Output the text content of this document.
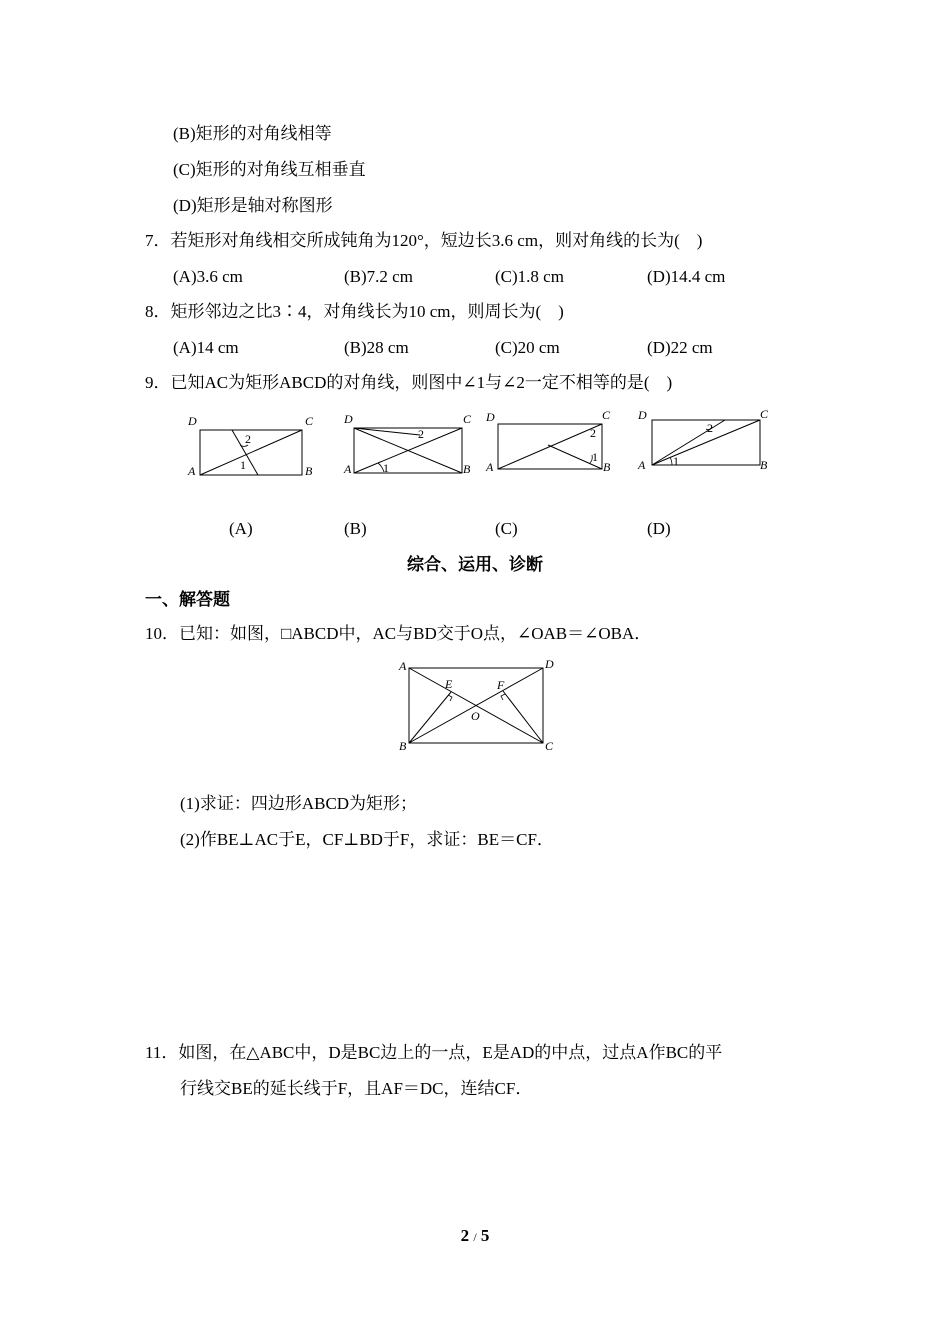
(B)矩形的对角线相等
(C)矩形的对角线互相垂直
(D)矩形是轴对称图形
7．若矩形对角线相交所成钝角为120°，短边长3.6 cm，则对角线的长为(　)
(A)3.6 cm	(B)7.2 cm	(C)1.8 cm	(D)14.4 cm
8．矩形邻边之比3∶4，对角线长为10 cm，则周长为(　)
(A)14 cm	(B)28 cm	(C)20 cm	(D)22 cm
9．已知AC为矩形ABCD的对角线，则图中∠1与∠2一定不相等的是(　)
D	C
A	B
2
1
D	C
A	B
2
1
D	C
A	B
2
1
D	C
A	B
2
1
(A)	(B)	(C)	(D)
综合、运用、诊断
一、解答题
10．已知：如图，□ABCD中，AC与BD交于O点，∠OAB＝∠OBA．
A	D
B	C
E	F
O
(1)求证：四边形ABCD为矩形；
(2)作BE⊥AC于E，CF⊥BD于F，求证：BE＝CF．
11．如图，在△ABC中，D是BC边上的一点，E是AD的中点，过点A作BC的平
行线交BE的延长线于F，且AF＝DC，连结CF．
2 / 5
